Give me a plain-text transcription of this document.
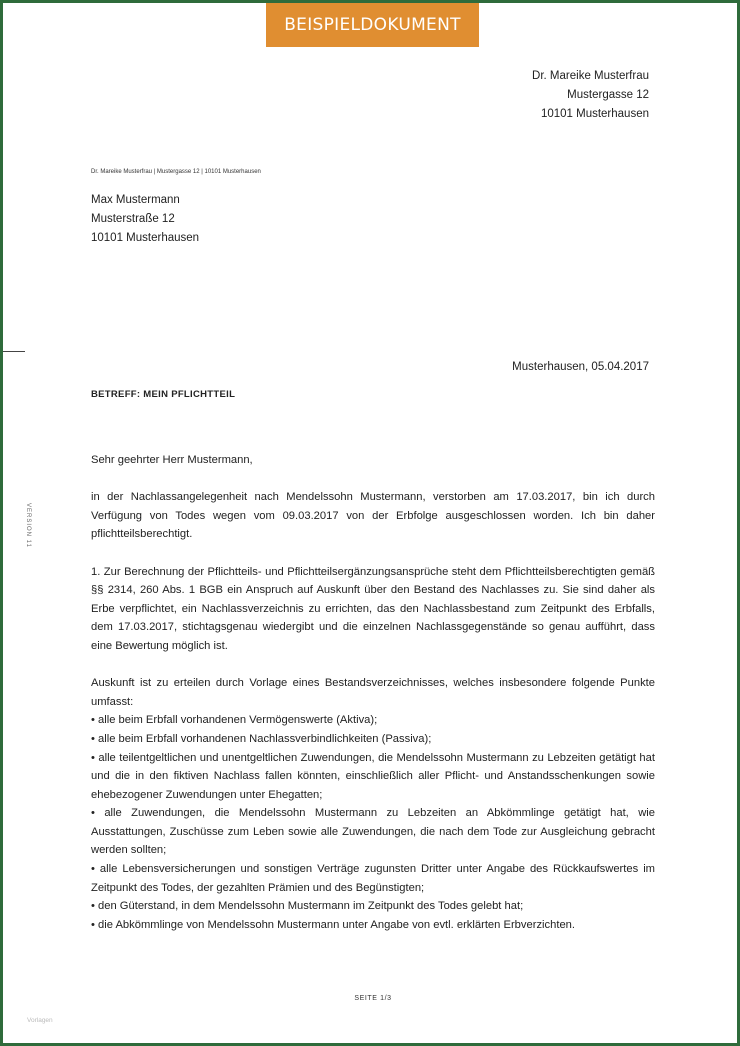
BEISPIELDOKUMENT
Dr. Mareike Musterfrau
Mustergasse 12
10101 Musterhausen
Dr. Mareike Musterfrau | Mustergasse 12 | 10101 Musterhausen
Max Mustermann
Musterstraße 12
10101 Musterhausen
VERSION 11
Musterhausen, 05.04.2017
BETREFF: MEIN PFLICHTTEIL

Sehr geehrter Herr Mustermann,

in der Nachlassangelegenheit nach Mendelssohn Mustermann, verstorben am 17.03.2017, bin ich durch Verfügung von Todes wegen vom 09.03.2017 von der Erbfolge ausgeschlossen worden. Ich bin daher pflichtteilsberechtigt.

1. Zur Berechnung der Pflichtteils- und Pflichtteilsergänzungsansprüche steht dem Pflichtteilsberechtigten gemäß §§ 2314, 260 Abs. 1 BGB ein Anspruch auf Auskunft über den Bestand des Nachlasses zu. Sie sind daher als Erbe verpflichtet, ein Nachlassverzeichnis zu errichten, das den Nachlassbestand zum Zeitpunkt des Erbfalls, dem 17.03.2017, stichtagsgenau wiedergibt und die einzelnen Nachlassgegenstände so genau aufführt, dass eine Bewertung möglich ist.

Auskunft ist zu erteilen durch Vorlage eines Bestandsverzeichnisses, welches insbesondere folgende Punkte umfasst:

• alle beim Erbfall vorhandenen Vermögenswerte (Aktiva);
• alle beim Erbfall vorhandenen Nachlassverbindlichkeiten (Passiva);
• alle teilentgeltlichen und unentgeltlichen Zuwendungen, die Mendelssohn Mustermann zu Lebzeiten getätigt hat und die in den fiktiven Nachlass fallen könnten, einschließlich aller Pflicht- und Anstandsschenkungen sowie ehebezogener Zuwendungen unter Ehegatten;
• alle Zuwendungen, die Mendelssohn Mustermann zu Lebzeiten an Abkömmlinge getätigt hat, wie Ausstattungen, Zuschüsse zum Leben sowie alle Zuwendungen, die nach dem Tode zur Ausgleichung gebracht werden sollten;
• alle Lebensversicherungen und sonstigen Verträge zugunsten Dritter unter Angabe des Rückkaufswertes im Zeitpunkt des Todes, der gezahlten Prämien und des Begünstigten;
• den Güterstand, in dem Mendelssohn Mustermann im Zeitpunkt des Todes gelebt hat;
• die Abkömmlinge von Mendelssohn Mustermann unter Angabe von evtl. erklärten Erbverzichten.
SEITE 1/3
Vorlagen
